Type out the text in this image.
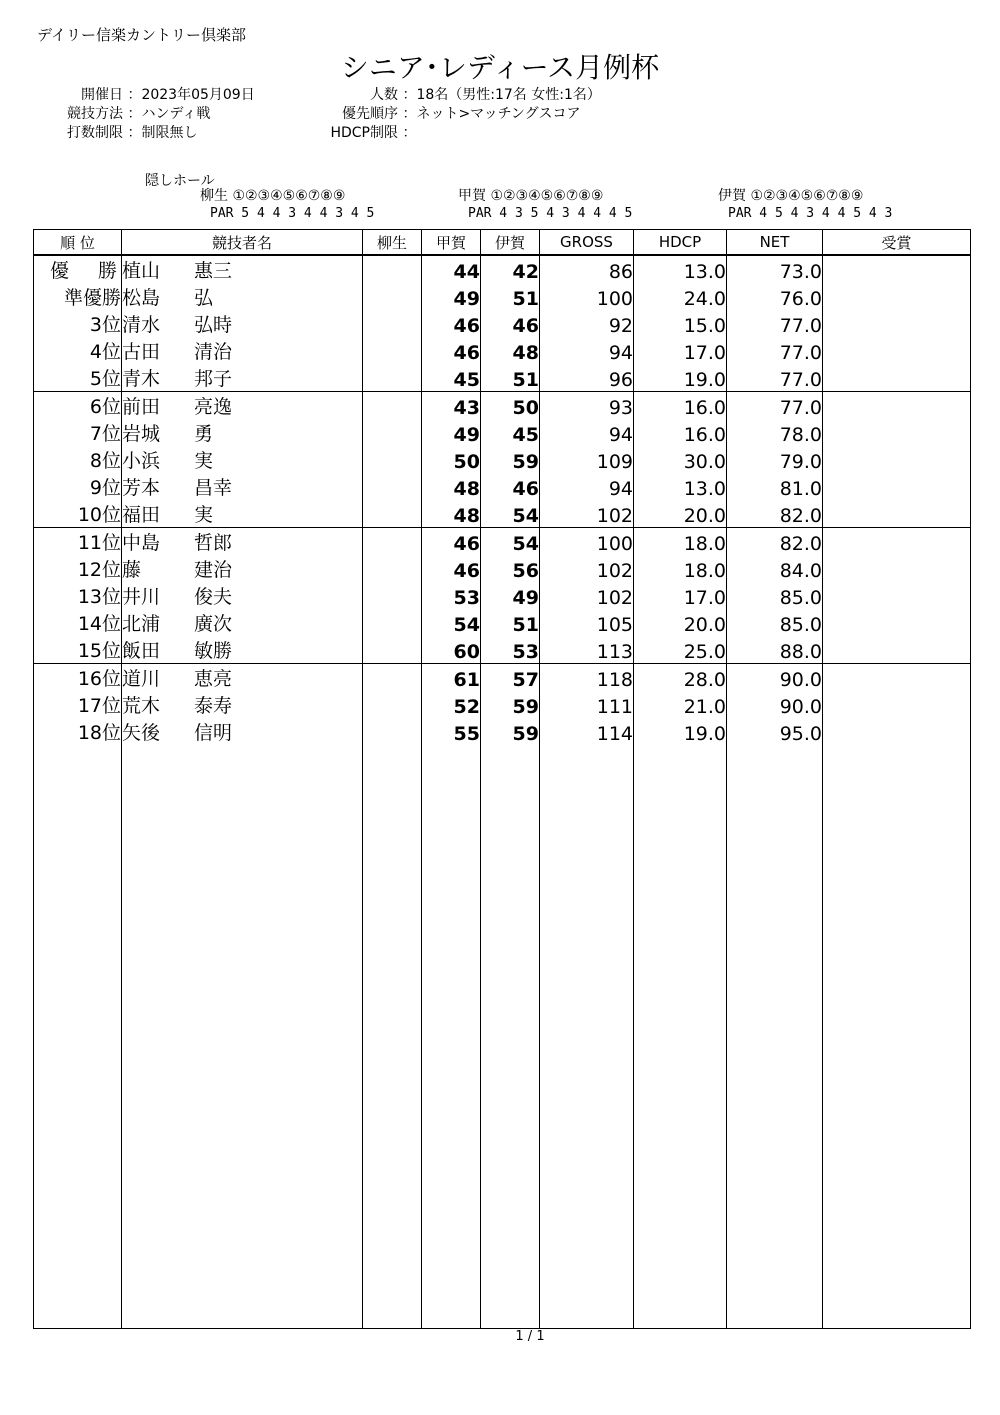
デイリー信楽カントリー倶楽部
シニア･レディース月例杯
開催日 ：2023年05月09日
競技方法 ：ハンディ戦
打数制限 ：制限無し
人数 ：18名（男性:17名 女性:1名）
優先順序 ：ネット>マッチングスコア
HDCP制限 ：
隠しホール
柳生 ①②③④⑤⑥⑦⑧⑨
PAR 5 4 4 3 4 4 3 4 5
甲賀 ①②③④⑤⑥⑦⑧⑨
PAR 4 3 5 4 3 4 4 4 5
伊賀 ①②③④⑤⑥⑦⑧⑨
PAR 4 5 4 3 4 4 5 4 3
順 位	競技者名	柳生	甲賀	伊賀	GROSS	HDCP	NET	受賞
優勝	植山 惠三		44	42	86	13.0	73.0	
準優勝	松島 弘		49	51	100	24.0	76.0	
3位	清水 弘時		46	46	92	15.0	77.0	
4位	古田 清治		46	48	94	17.0	77.0	
5位	青木 邦子		45	51	96	19.0	77.0	
6位	前田 亮逸		43	50	93	16.0	77.0	
7位	岩城 勇		49	45	94	16.0	78.0	
8位	小浜 実		50	59	109	30.0	79.0	
9位	芳本 昌幸		48	46	94	13.0	81.0	
10位	福田 実		48	54	102	20.0	82.0	
11位	中島 哲郎		46	54	100	18.0	82.0	
12位	藤 建治		46	56	102	18.0	84.0	
13位	井川 俊夫		53	49	102	17.0	85.0	
14位	北浦 廣次		54	51	105	20.0	85.0	
15位	飯田 敏勝		60	53	113	25.0	88.0	
16位	道川 恵亮		61	57	118	28.0	90.0	
17位	荒木 泰寿		52	59	111	21.0	90.0	
18位	矢後 信明		55	59	114	19.0	95.0	

1 / 1
